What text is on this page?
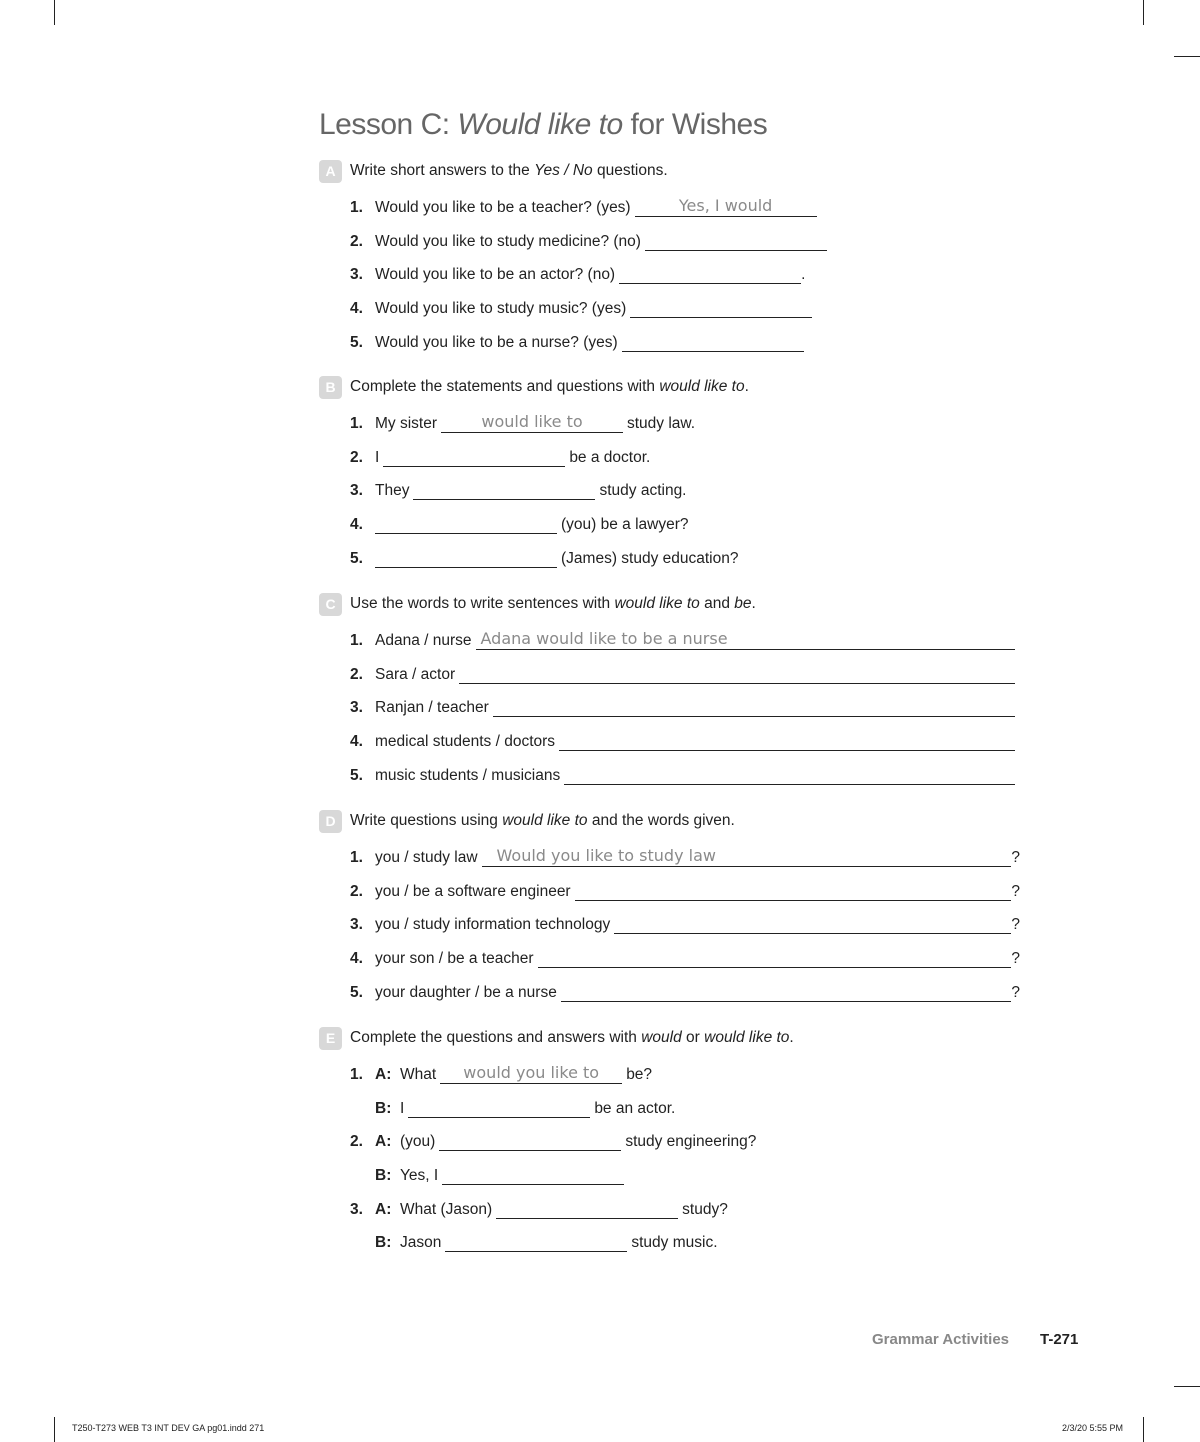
Lesson C: Would like to for Wishes
A Write short answers to the Yes / No questions.
1. Would you like to be a teacher? (yes)	Yes, I would
2. Would you like to study medicine? (no)
3. Would you like to be an actor? (no)	.
4. Would you like to study music? (yes)
5. Would you like to be a nurse? (yes)
B Complete the statements and questions with would like to.
1. My sister	would like to	study law.
2. I	be a doctor.
3. They	study acting.
4.	(you) be a lawyer?
5.	(James) study education?
C Use the words to write sentences with would like to and be.
1. Adana / nurse Adana would like to be a nurse
2. Sara / actor
3. Ranjan / teacher
4. medical students / doctors
5. music students / musicians
D Write questions using would like to and the words given.
1. you / study law	Would you like to study law	?
2. you / be a software engineer	?
3. you / study information technology	?
4. your son / be a teacher	?
5. your daughter / be a nurse	?
E Complete the questions and answers with would or would like to.
1. A: What	would you like to	be?
B: I	be an actor.
2. A: (you)	study engineering?
B: Yes, I
3. A: What (Jason)	study?
B: Jason	study music.
Grammar Activities T-271
T250-T273 WEB T3 INT DEV GA pg01.indd 271	2/3/20 5:55 PM
